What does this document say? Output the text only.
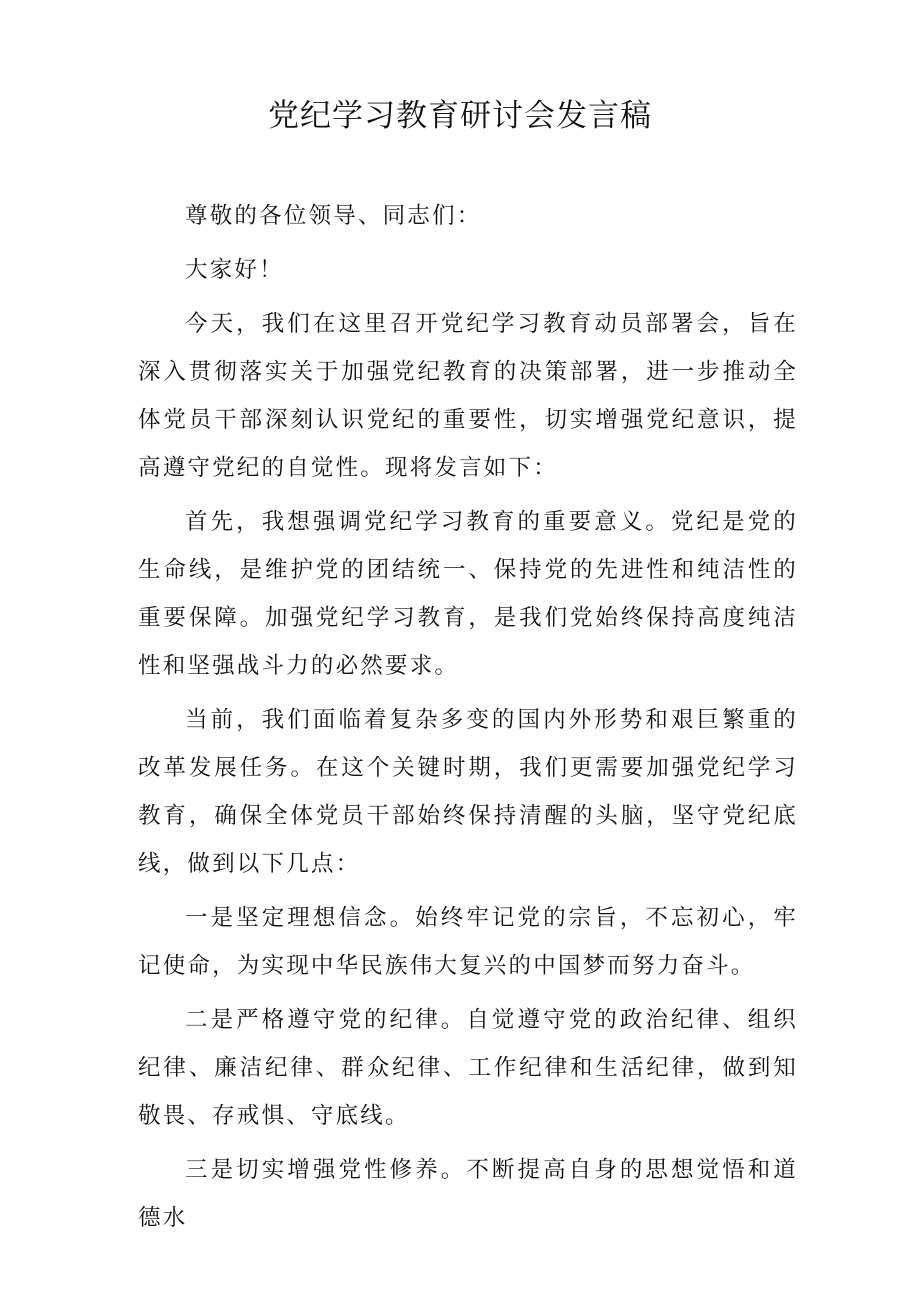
党纪学习教育研讨会发言稿

尊敬的各位领导、同志们：

大家好！

今天，我们在这里召开党纪学习教育动员部署会，旨在深入贯彻落实关于加强党纪教育的决策部署，进一步推动全体党员干部深刻认识党纪的重要性，切实增强党纪意识，提高遵守党纪的自觉性。现将发言如下：

首先，我想强调党纪学习教育的重要意义。党纪是党的生命线，是维护党的团结统一、保持党的先进性和纯洁性的重要保障。加强党纪学习教育，是我们党始终保持高度纯洁性和坚强战斗力的必然要求。

当前，我们面临着复杂多变的国内外形势和艰巨繁重的改革发展任务。在这个关键时期，我们更需要加强党纪学习教育，确保全体党员干部始终保持清醒的头脑，坚守党纪底线，做到以下几点：

一是坚定理想信念。始终牢记党的宗旨，不忘初心，牢记使命，为实现中华民族伟大复兴的中国梦而努力奋斗。

二是严格遵守党的纪律。自觉遵守党的政治纪律、组织纪律、廉洁纪律、群众纪律、工作纪律和生活纪律，做到知敬畏、存戒惧、守底线。

三是切实增强党性修养。不断提高自身的思想觉悟和道德水
